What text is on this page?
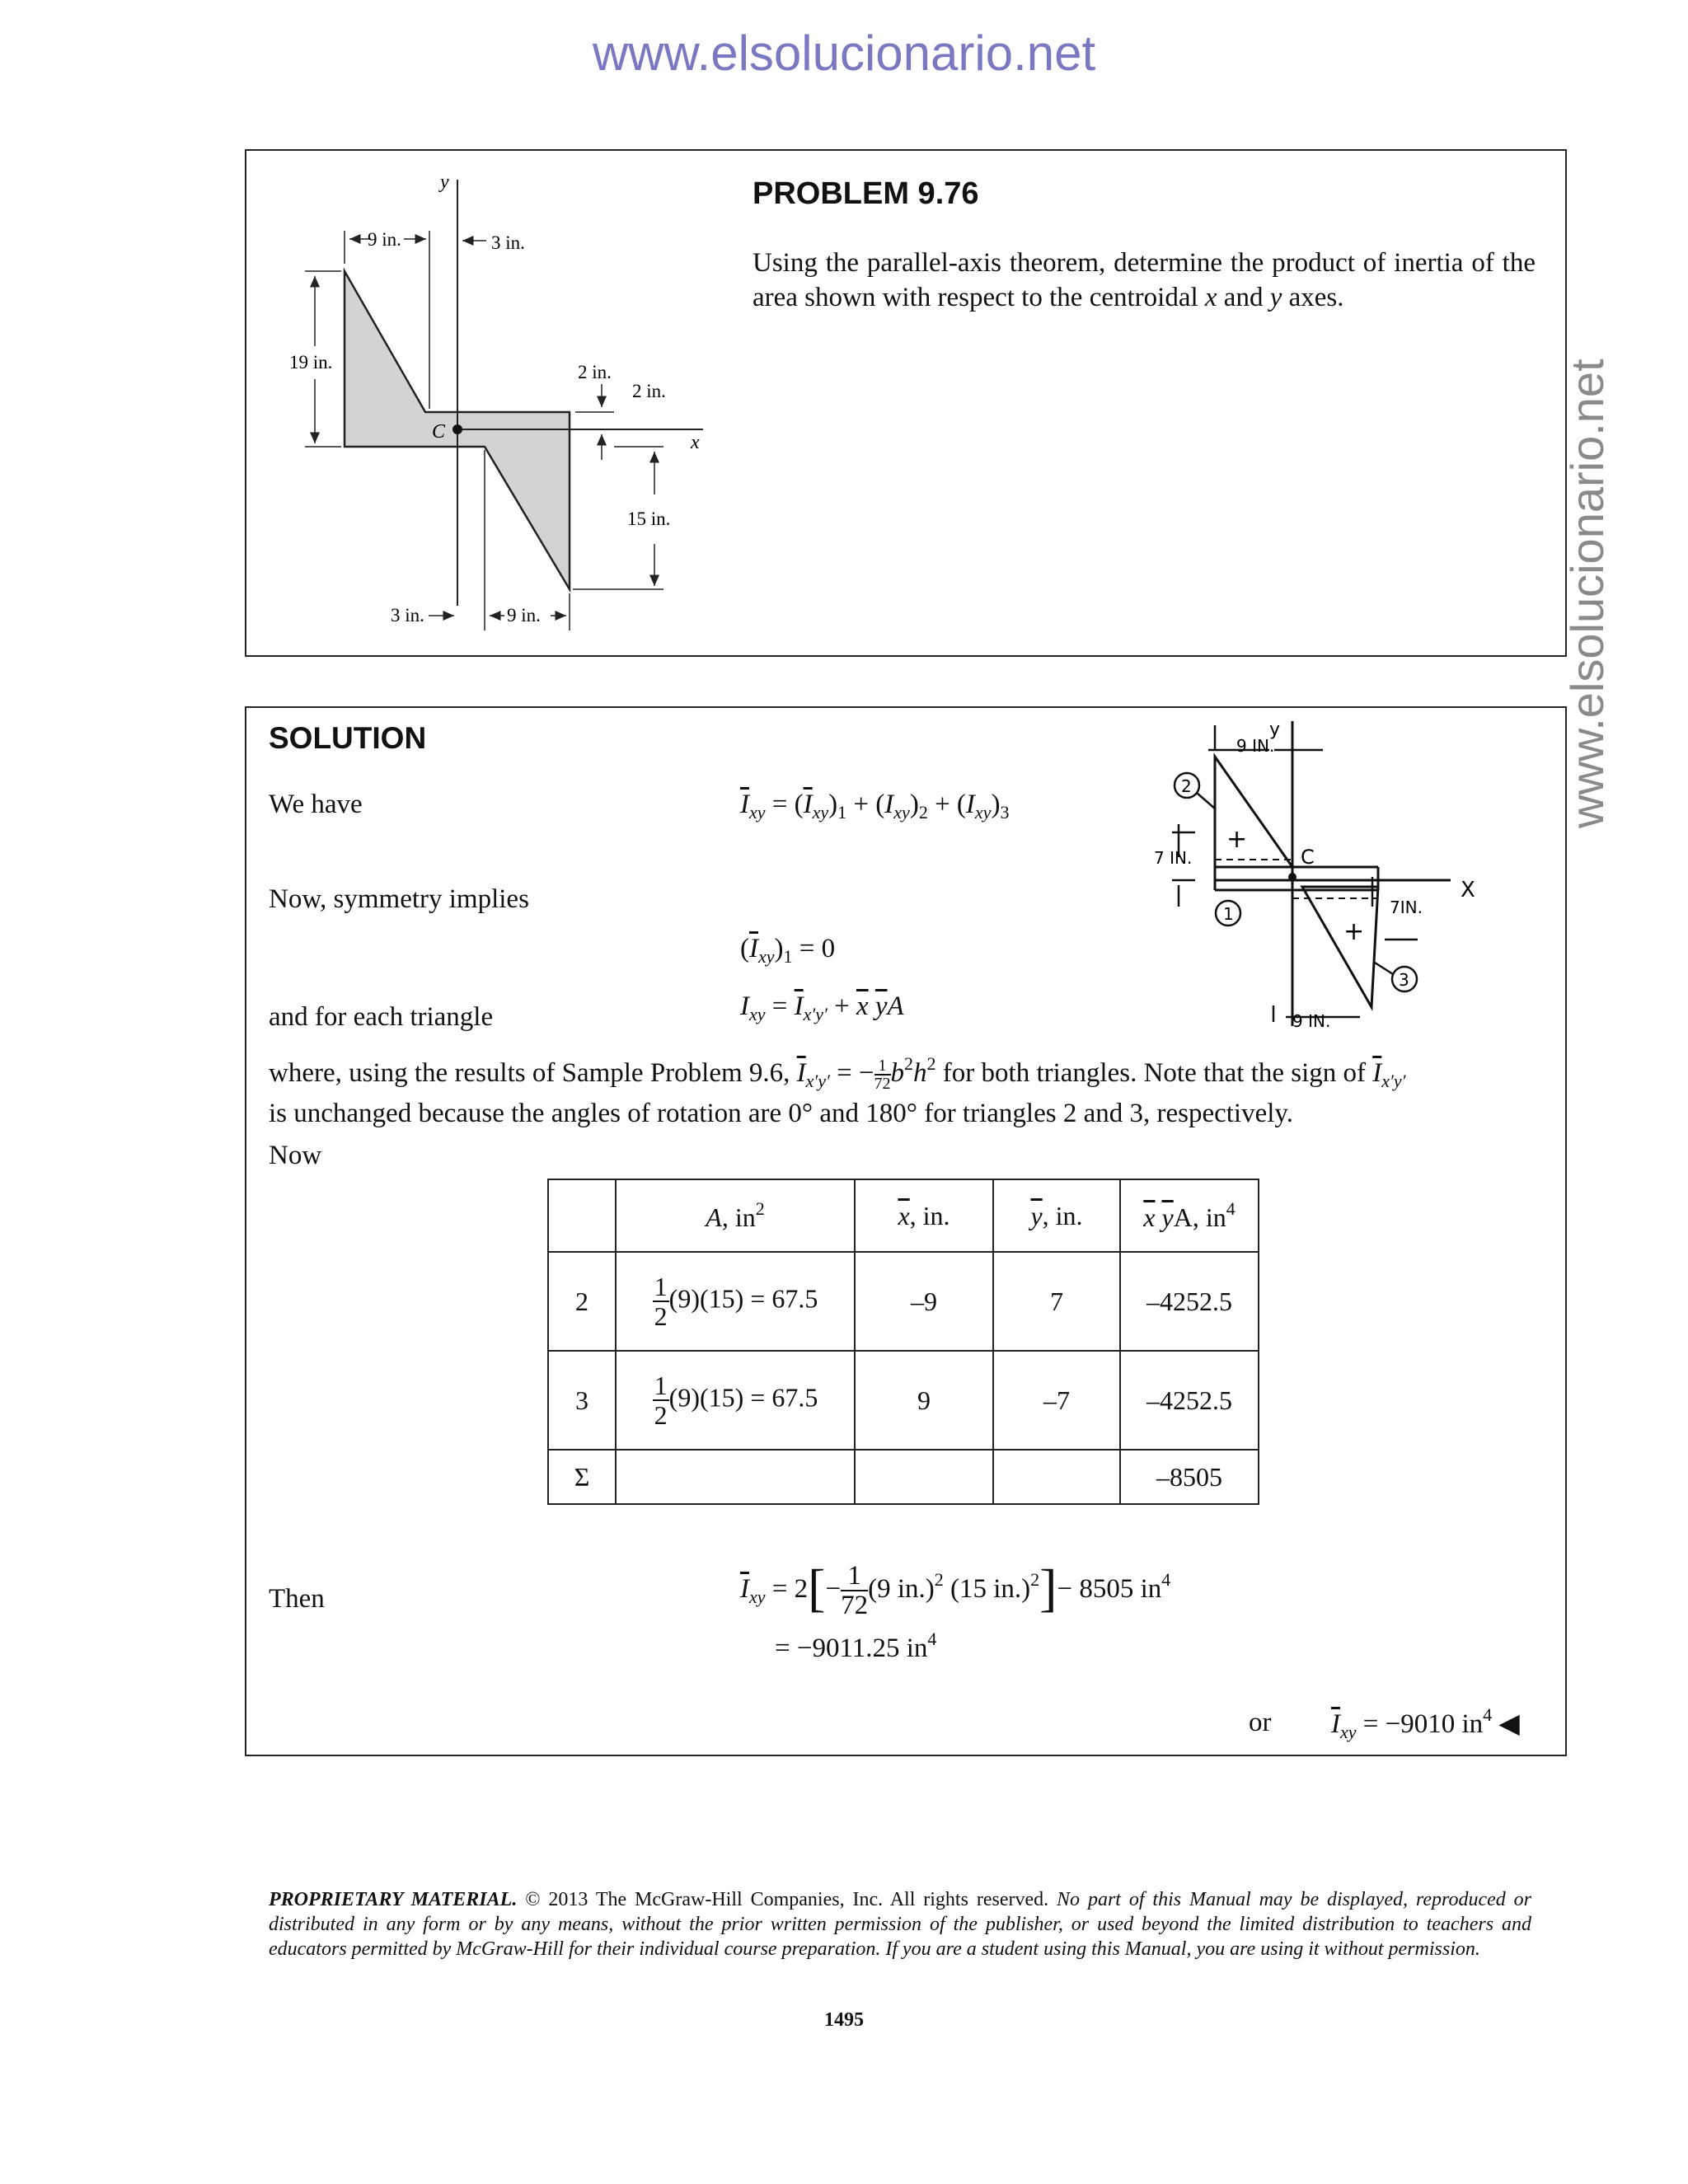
www.elsolucionario.net
www.elsolucionario.net
y
x
C
9 in.	3 in.
19 in.	2 in.
2 in.
15 in.
3 in.	9 in.
PROBLEM 9.76
Using the parallel-axis theorem, determine the product of inertia of the area shown with respect to the centroidal x and y axes.
SOLUTION	y
X
C
9 IN.
7 IN.
7IN.
9 IN.
2
1
3
+
+
We have	$\overline{I}_{xy} = (\overline{I}_{xy})_1 + (I_{xy})_2 + (I_{xy})_3$
Now, symmetry implies
$(\overline{I}_{xy})_1 = 0$
and for each triangle	$I_{xy} = \overline{I}_{x'y'} + \overline{x}$ $\overline{y}A$
where, using the results of Sample Problem 9.6, $\overline{I}_{x'y'}$ = − $\frac{1}{72} b^2h^2$ for both triangles. Note that the sign of $\overline{I}_{x'y'}$
is unchanged because the angles of rotation are 0° and 180° for triangles 2 and 3, respectively.
Now
	A, $in^2$	$\overline{x}$, in.	$\overline{y}$, in.	$\overline{x}$ $\overline{y}A$, $in^4$
2	$\frac{1}{2} (9)(15) = 67.5$	–9	7	–4252.5
3	$\frac{1}{2} (9)(15) = 67.5$	9	–7	–4252.5
Σ				–8505
Then	$\overline{I}_{xy} = 2[- \frac{1}{72} (9$ in.)$^2$ (15 in.)$^2$]− 8505 $in^4$
= −9011.25 $in^4$
or $\overline{I}_{xy} = -9010$ $in^4$ ◀
PROPRIETARY MATERIAL. © 2013 The McGraw-Hill Companies, Inc. All rights reserved. No part of this Manual may be displayed, reproduced or distributed in any form or by any means, without the prior written permission of the publisher, or used beyond the limited distribution to teachers and educators permitted by McGraw-Hill for their individual course preparation. If you are a student using this Manual, you are using it without permission.
1495
